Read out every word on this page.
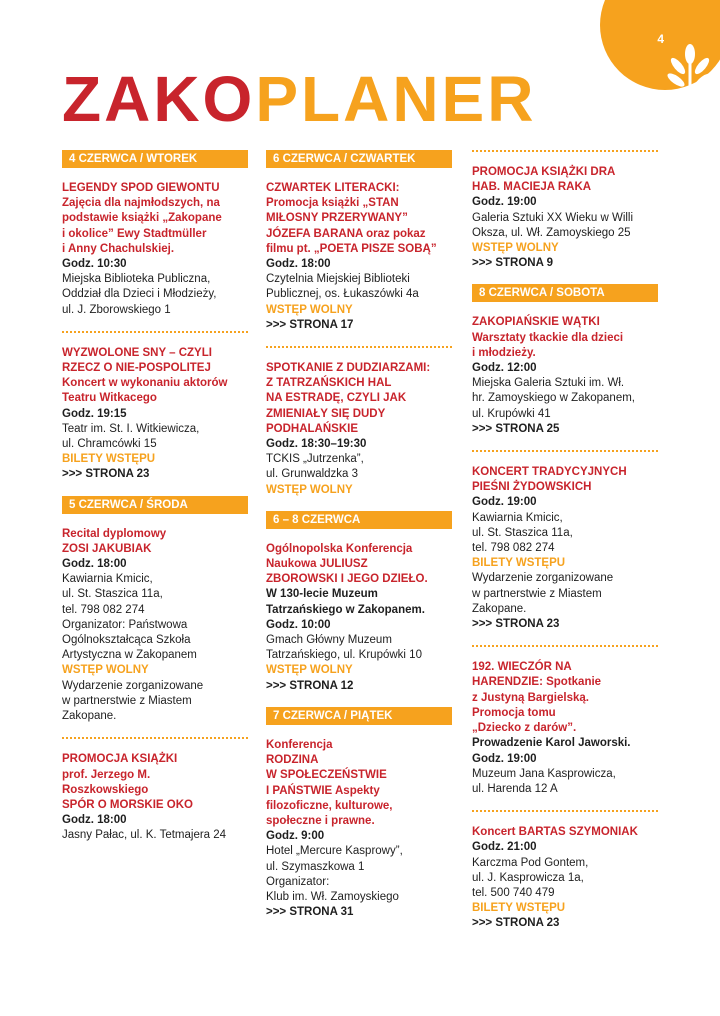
4
ZAKOPLANER
4 CZERWCA / WTOREK
LEGENDY SPOD GIEWONTU
Zajęcia dla najmłodszych, na
podstawie książki „Zakopane
i okolice” Ewy Stadtmüller
i Anny Chachulskiej.
Godz. 10:30
Miejska Biblioteka Publiczna,
Oddział dla Dzieci i Młodzieży,
ul. J. Zborowskiego 1
WYZWOLONE SNY – CZYLI
RZECZ O NIE-POSPOLITEJ
Koncert w wykonaniu aktorów
Teatru Witkacego
Godz. 19:15
Teatr im. St. I. Witkiewicza,
ul. Chramcówki 15
BILETY WSTĘPU
>>> STRONA 23
5 CZERWCA / ŚRODA
Recital dyplomowy
ZOSI JAKUBIAK
Godz. 18:00
Kawiarnia Kmicic,
ul. St. Staszica 11a,
tel. 798 082 274
Organizator: Państwowa
Ogólnokształcąca Szkoła
Artystyczna w Zakopanem
WSTĘP WOLNY
Wydarzenie zorganizowane
w partnerstwie z Miastem
Zakopane.
PROMOCJA KSIĄŻKI
prof. Jerzego M.
Roszkowskiego
SPÓR O MORSKIE OKO
Godz. 18:00
Jasny Pałac, ul. K. Tetmajera 24
6 CZERWCA / CZWARTEK
CZWARTEK LITERACKI:
Promocja książki „STAN
MIŁOSNY PRZERYWANY”
JÓZEFA BARANA oraz pokaz
filmu pt. „POETA PISZE SOBĄ”
Godz. 18:00
Czytelnia Miejskiej Biblioteki
Publicznej, os. Łukaszówki 4a
WSTĘP WOLNY
>>> STRONA 17
SPOTKANIE Z DUDZIARZAMI:
Z TATRZAŃSKICH HAL
NA ESTRADĘ, CZYLI JAK
ZMIENIAŁY SIĘ DUDY
PODHALAŃSKIE
Godz. 18:30–19:30
TCKIS „Jutrzenka”,
ul. Grunwaldzka 3
WSTĘP WOLNY
6 – 8 CZERWCA
Ogólnopolska Konferencja
Naukowa JULIUSZ
ZBOROWSKI I JEGO DZIEŁO.
W 130-lecie Muzeum
Tatrzańskiego w Zakopanem.
Godz. 10:00
Gmach Główny Muzeum
Tatrzańskiego, ul. Krupówki 10
WSTĘP WOLNY
>>> STRONA 12
7 CZERWCA / PIĄTEK
Konferencja
RODZINA
W SPOŁECZEŃSTWIE
I PAŃSTWIE Aspekty
filozoficzne, kulturowe,
społeczne i prawne.
Godz. 9:00
Hotel „Mercure Kasprowy”,
ul. Szymaszkowa 1
Organizator:
Klub im. Wł. Zamoyskiego
>>> STRONA 31
PROMOCJA KSIĄŻKI DRA
HAB. MACIEJA RAKA
Godz. 19:00
Galeria Sztuki XX Wieku w Willi
Oksza, ul. Wł. Zamoyskiego 25
WSTĘP WOLNY
>>> STRONA 9
8 CZERWCA / SOBOTA
ZAKOPIAŃSKIE WĄTKI
Warsztaty tkackie dla dzieci
i młodzieży.
Godz. 12:00
Miejska Galeria Sztuki im. Wł.
hr. Zamoyskiego w Zakopanem,
ul. Krupówki 41
>>> STRONA 25
KONCERT TRADYCYJNYCH
PIEŚNI ŻYDOWSKICH
Godz. 19:00
Kawiarnia Kmicic,
ul. St. Staszica 11a,
tel. 798 082 274
BILETY WSTĘPU
Wydarzenie zorganizowane
w partnerstwie z Miastem
Zakopane.
>>> STRONA 23
192. WIECZÓR NA
HARENDZIE: Spotkanie
z Justyną Bargielską.
Promocja tomu
„Dziecko z darów”.
Prowadzenie Karol Jaworski.
Godz. 19:00
Muzeum Jana Kasprowicza,
ul. Harenda 12 A
Koncert BARTAS SZYMONIAK
Godz. 21:00
Karczma Pod Gontem,
ul. J. Kasprowicza 1a,
tel. 500 740 479
BILETY WSTĘPU
>>> STRONA 23
